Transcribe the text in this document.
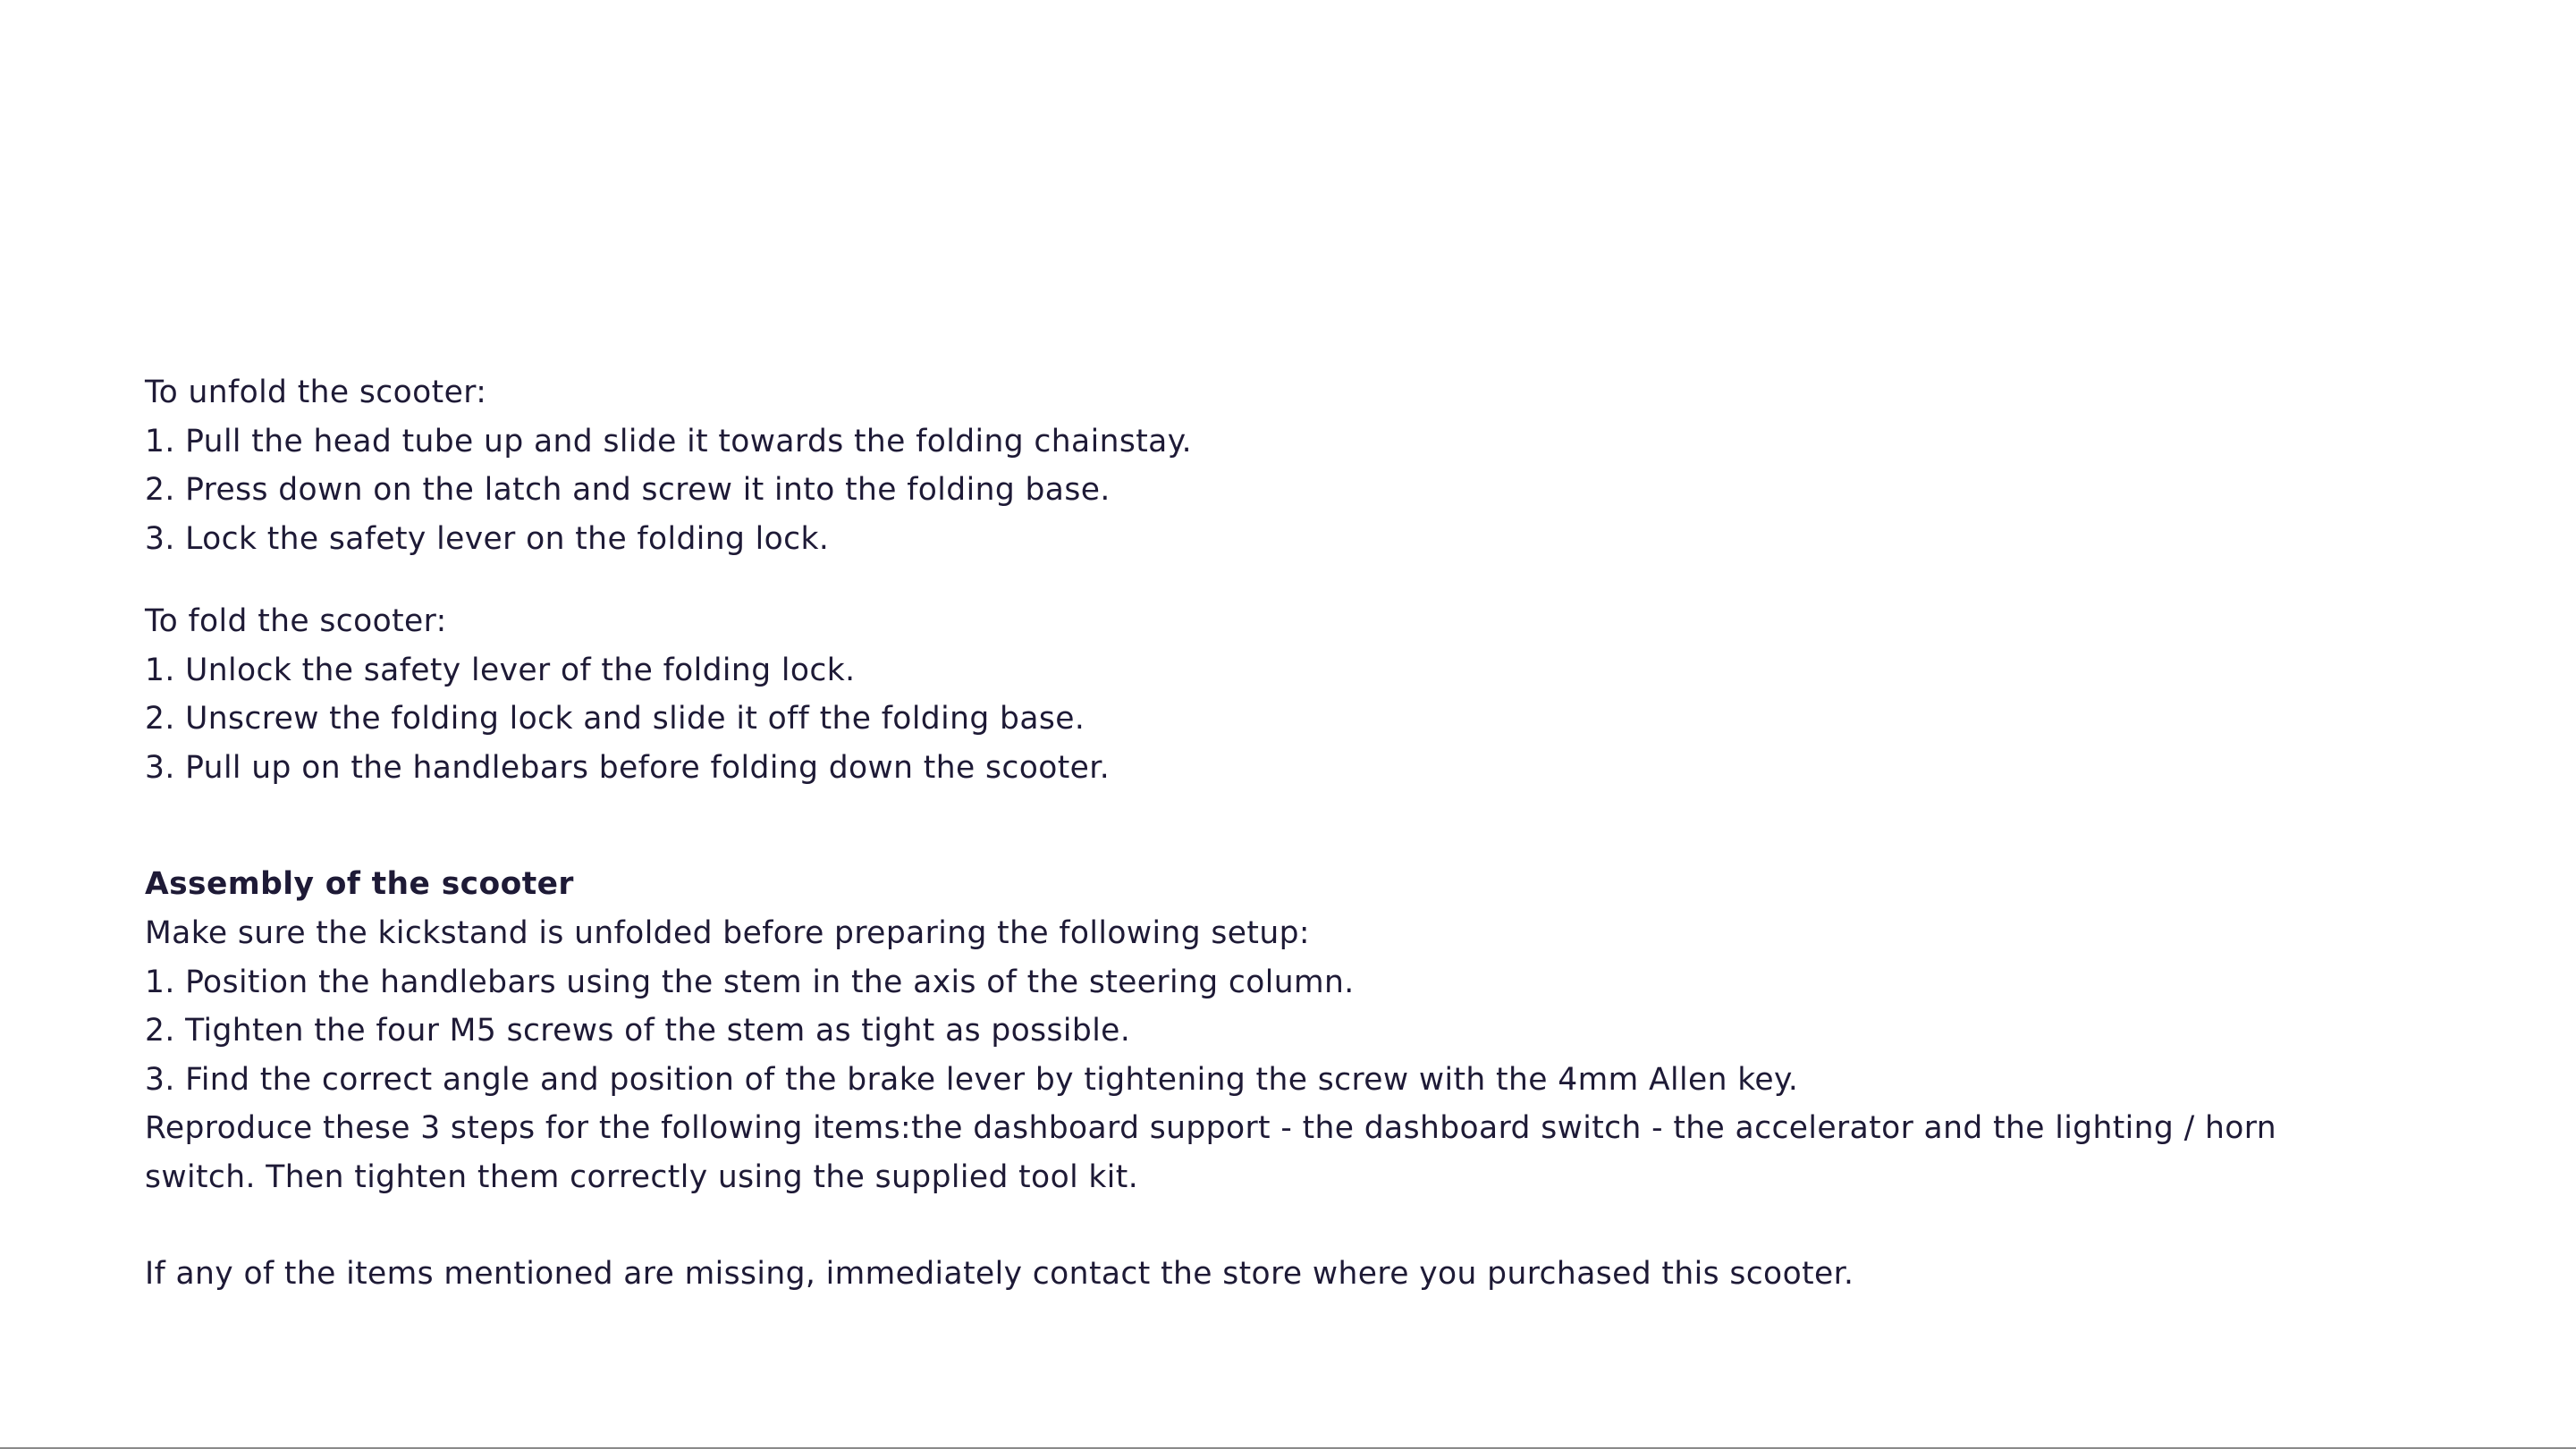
To unfold the scooter:
1. Pull the head tube up and slide it towards the folding chainstay.
2. Press down on the latch and screw it into the folding base.
3. Lock the safety lever on the folding lock.
To fold the scooter:
1. Unlock the safety lever of the folding lock.
2. Unscrew the folding lock and slide it off the folding base.
3. Pull up on the handlebars before folding down the scooter.
Assembly of the scooter
Make sure the kickstand is unfolded before preparing the following setup:
1. Position the handlebars using the stem in the axis of the steering column.
2. Tighten the four M5 screws of the stem as tight as possible.
3. Find the correct angle and position of the brake lever by tightening the screw with the 4mm Allen key.
Reproduce these 3 steps for the following items:the dashboard support - the dashboard switch - the accelerator and the lighting / horn
switch. Then tighten them correctly using the supplied tool kit.
If any of the items mentioned are missing, immediately contact the store where you purchased this scooter.
